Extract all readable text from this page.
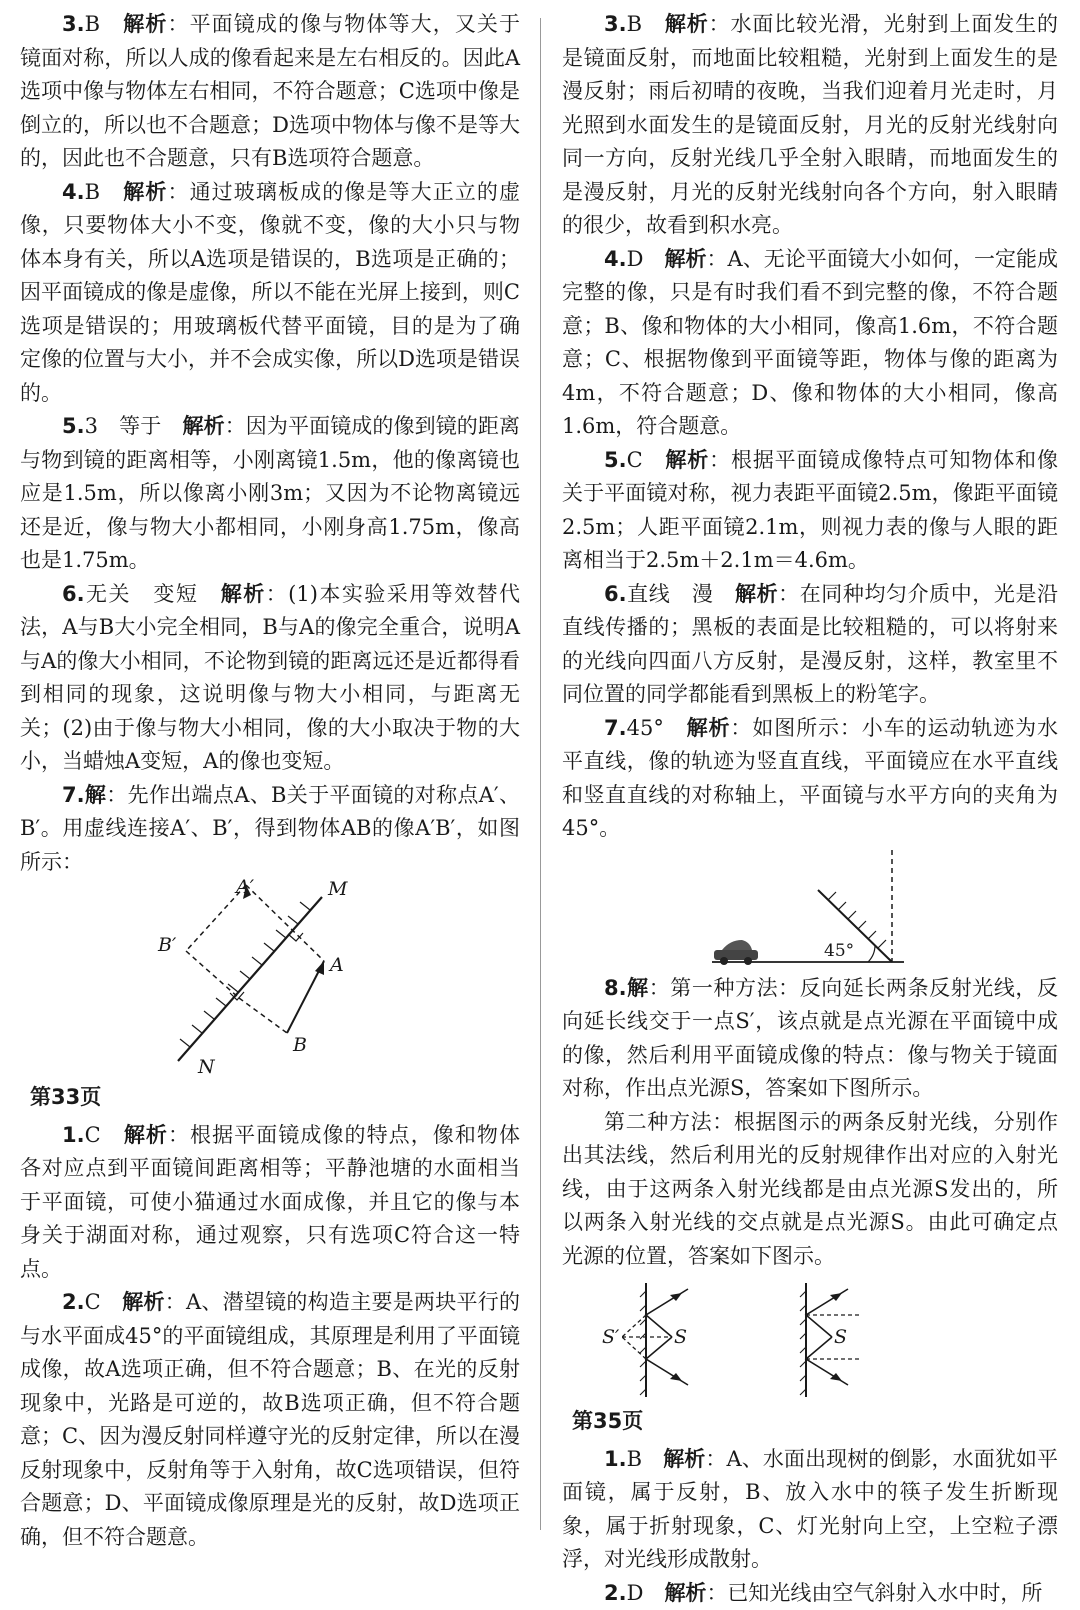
3.B　 解析：平面镜成的像与物体等大，又关于镜面对称，所以人成的像看起来是左右相反的。因此A选项中像与物体左右相同，不符合题意；C选项中像是倒立的，所以也不合题意；D选项中物体与像不是等大的，因此也不合题意，只有B选项符合题意。

4.B　 解析：通过玻璃板成的像是等大正立的虚像，只要物体大小不变，像就不变，像的大小只与物体本身有关，所以A选项是错误的，B选项是正确的；因平面镜成的像是虚像，所以不能在光屏上接到，则C选项是错误的；用玻璃板代替平面镜，目的是为了确定像的位置与大小，并不会成实像，所以D选项是错误的。

5.3　等于　 解析：因为平面镜成的像到镜的距离与物到镜的距离相等，小刚离镜1.5m，他的像离镜也应是1.5m，所以像离小刚3m；又因为不论物离镜远还是近，像与物大小都相同，小刚身高1.75m，像高也是1.75m。

6.无关　变短　 解析：(1)本实验采用等效替代法，A与B大小完全相同，B与A的像完全重合，说明A与A的像大小相同，不论物到镜的距离远还是近都得看到相同的现象，这说明像与物大小相同，与距离无关；(2)由于像与物大小相同，像的大小取决于物的大小，当蜡烛A变短，A的像也变短。

7.解：先作出端点A、B关于平面镜的对称点A′、B′。用虚线连接A′、B′，得到物体AB的像A′B′，如图所示：

A′	M
B′
A
B
N

第33页

1.C　 解析：根据平面镜成像的特点，像和物体各对应点到平面镜间距离相等；平静池塘的水面相当于平面镜，可使小猫通过水面成像，并且它的像与本身关于湖面对称，通过观察，只有选项C符合这一特点。

2.C　 解析：A、潜望镜的构造主要是两块平行的与水平面成45°的平面镜组成，其原理是利用了平面镜成像，故A选项正确，但不符合题意；B、在光的反射现象中，光路是可逆的，故B选项正确，但不符合题意；C、因为漫反射同样遵守光的反射定律，所以在漫反射现象中，反射角等于入射角，故C选项错误，但符合题意；D、平面镜成像原理是光的反射，故D选项正确，但不符合题意。

3.B　 解析：水面比较光滑，光射到上面发生的是镜面反射，而地面比较粗糙，光射到上面发生的是漫反射；雨后初晴的夜晚，当我们迎着月光走时，月光照到水面发生的是镜面反射，月光的反射光线射向同一方向，反射光线几乎全射入眼睛，而地面发生的是漫反射，月光的反射光线射向各个方向，射入眼睛的很少，故看到积水亮。

4.D　 解析：A、无论平面镜大小如何，一定能成完整的像，只是有时我们看不到完整的像，不符合题意；B、像和物体的大小相同，像高1.6m，不符合题意；C、根据物像到平面镜等距，物体与像的距离为4m，不符合题意；D、像和物体的大小相同，像高1.6m，符合题意。

5.C　 解析：根据平面镜成像特点可知物体和像关于平面镜对称，视力表距平面镜2.5m，像距平面镜2.5m；人距平面镜2.1m，则视力表的像与人眼的距离相当于2.5m＋2.1m＝4.6m。

6.直线　漫　 解析：在同种均匀介质中，光是沿直线传播的；黑板的表面是比较粗糙的，可以将射来的光线向四面八方反射，是漫反射，这样，教室里不同位置的同学都能看到黑板上的粉笔字。

7.45°　 解析：如图所示：小车的运动轨迹为水平直线，像的轨迹为竖直直线，平面镜应在水平直线和竖直直线的对称轴上，平面镜与水平方向的夹角为45°。

45°

8.解：第一种方法：反向延长两条反射光线，反向延长线交于一点S′，该点就是点光源在平面镜中成的像，然后利用平面镜成像的特点：像与物关于镜面对称，作出点光源S，答案如下图所示。

第二种方法：根据图示的两条反射光线，分别作出其法线，然后利用光的反射规律作出对应的入射光线，由于这两条入射光线都是由点光源S发出的，所以两条入射光线的交点就是点光源S。由此可确定点光源的位置，答案如下图示。

S′	S	S

第35页

1.B　 解析：A、水面出现树的倒影，水面犹如平面镜，属于反射，B、放入水中的筷子发生折断现象，属于折射现象，C、灯光射向上空，上空粒子漂浮，对光线形成散射。

2.D　 解析：已知光线由空气斜射入水中时，所
